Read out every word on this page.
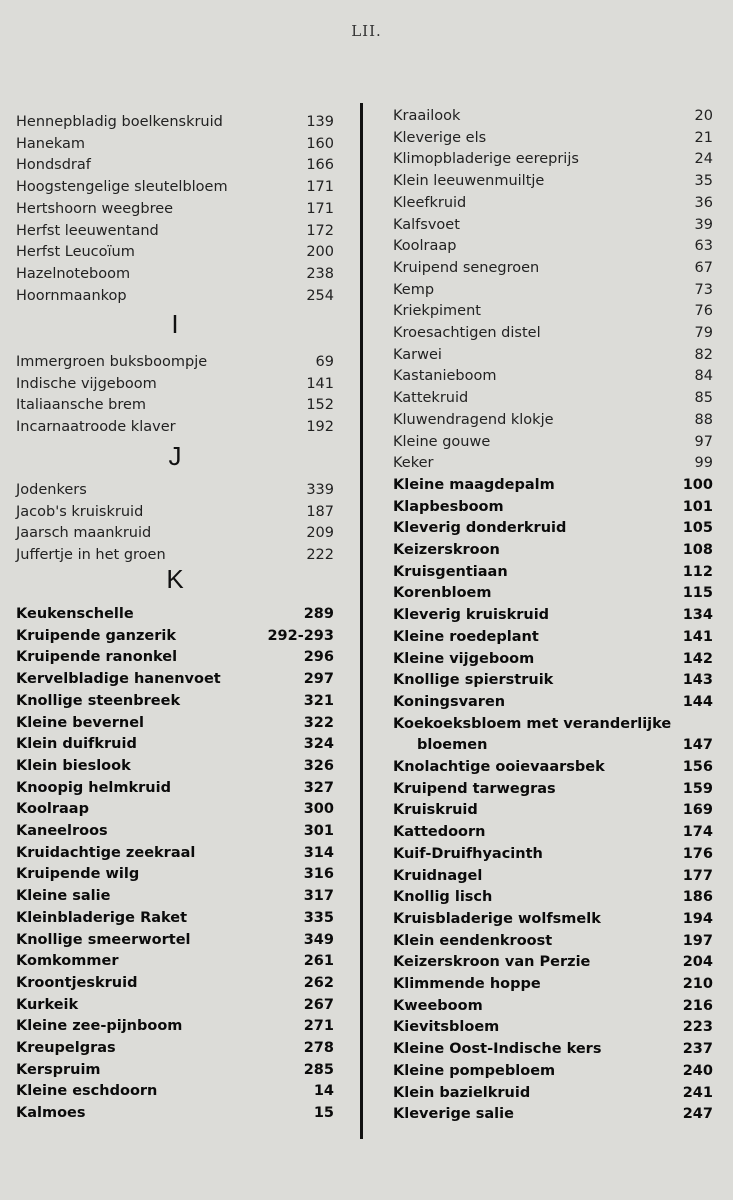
LII.
Hennepbladig boelkenskruid	139
Hanekam	160
Hondsdraf	166
Hoogstengelige sleutelbloem	171
Hertshoorn weegbree	171
Herfst leeuwentand	172
Herfst Leucoïum	200
Hazelnoteboom	238
Hoornmaankop	254
I
Immergroen buksboompje	69
Indische vijgeboom	141
Italiaansche brem	152
Incarnaatroode klaver	192
J
Jodenkers	339
Jacob's kruiskruid	187
Jaarsch maankruid	209
Juffertje in het groen	222
K
Keukenschelle	289
Kruipende ganzerik	292-293
Kruipende ranonkel	296
Kervelbladige hanenvoet	297
Knollige steenbreek	321
Kleine bevernel	322
Klein duifkruid	324
Klein bieslook	326
Knoopig helmkruid	327
Koolraap	300
Kaneelroos	301
Kruidachtige zeekraal	314
Kruipende wilg	316
Kleine salie	317
Kleinbladerige Raket	335
Knollige smeerwortel	349
Komkommer	261
Kroontjeskruid	262
Kurkeik	267
Kleine zee-pijnboom	271
Kreupelgras	278
Kerspruim	285
Kleine eschdoorn	14
Kalmoes	15
Kraailook	20
Kleverige els	21
Klimopbladerige eereprijs	24
Klein leeuwenmuiltje	35
Kleefkruid	36
Kalfsvoet	39
Koolraap	63
Kruipend senegroen	67
Kemp	73
Kriekpiment	76
Kroesachtigen distel	79
Karwei	82
Kastanieboom	84
Kattekruid	85
Kluwendragend klokje	88
Kleine gouwe	97
Keker	99
Kleine maagdepalm	100
Klapbesboom	101
Kleverig donderkruid	105
Keizerskroon	108
Kruisgentiaan	112
Korenbloem	115
Kleverig kruiskruid	134
Kleine roedeplant	141
Kleine vijgeboom	142
Knollige spierstruik	143
Koningsvaren	144
Koekoeksbloem met veranderlijke
bloemen	147
Knolachtige ooievaarsbek	156
Kruipend tarwegras	159
Kruiskruid	169
Kattedoorn	174
Kuif-Druifhyacinth	176
Kruidnagel	177
Knollig lisch	186
Kruisbladerige wolfsmelk	194
Klein eendenkroost	197
Keizerskroon van Perzie	204
Klimmende hoppe	210
Kweeboom	216
Kievitsbloem	223
Kleine Oost-Indische kers	237
Kleine pompebloem	240
Klein bazielkruid	241
Kleverige salie	247
